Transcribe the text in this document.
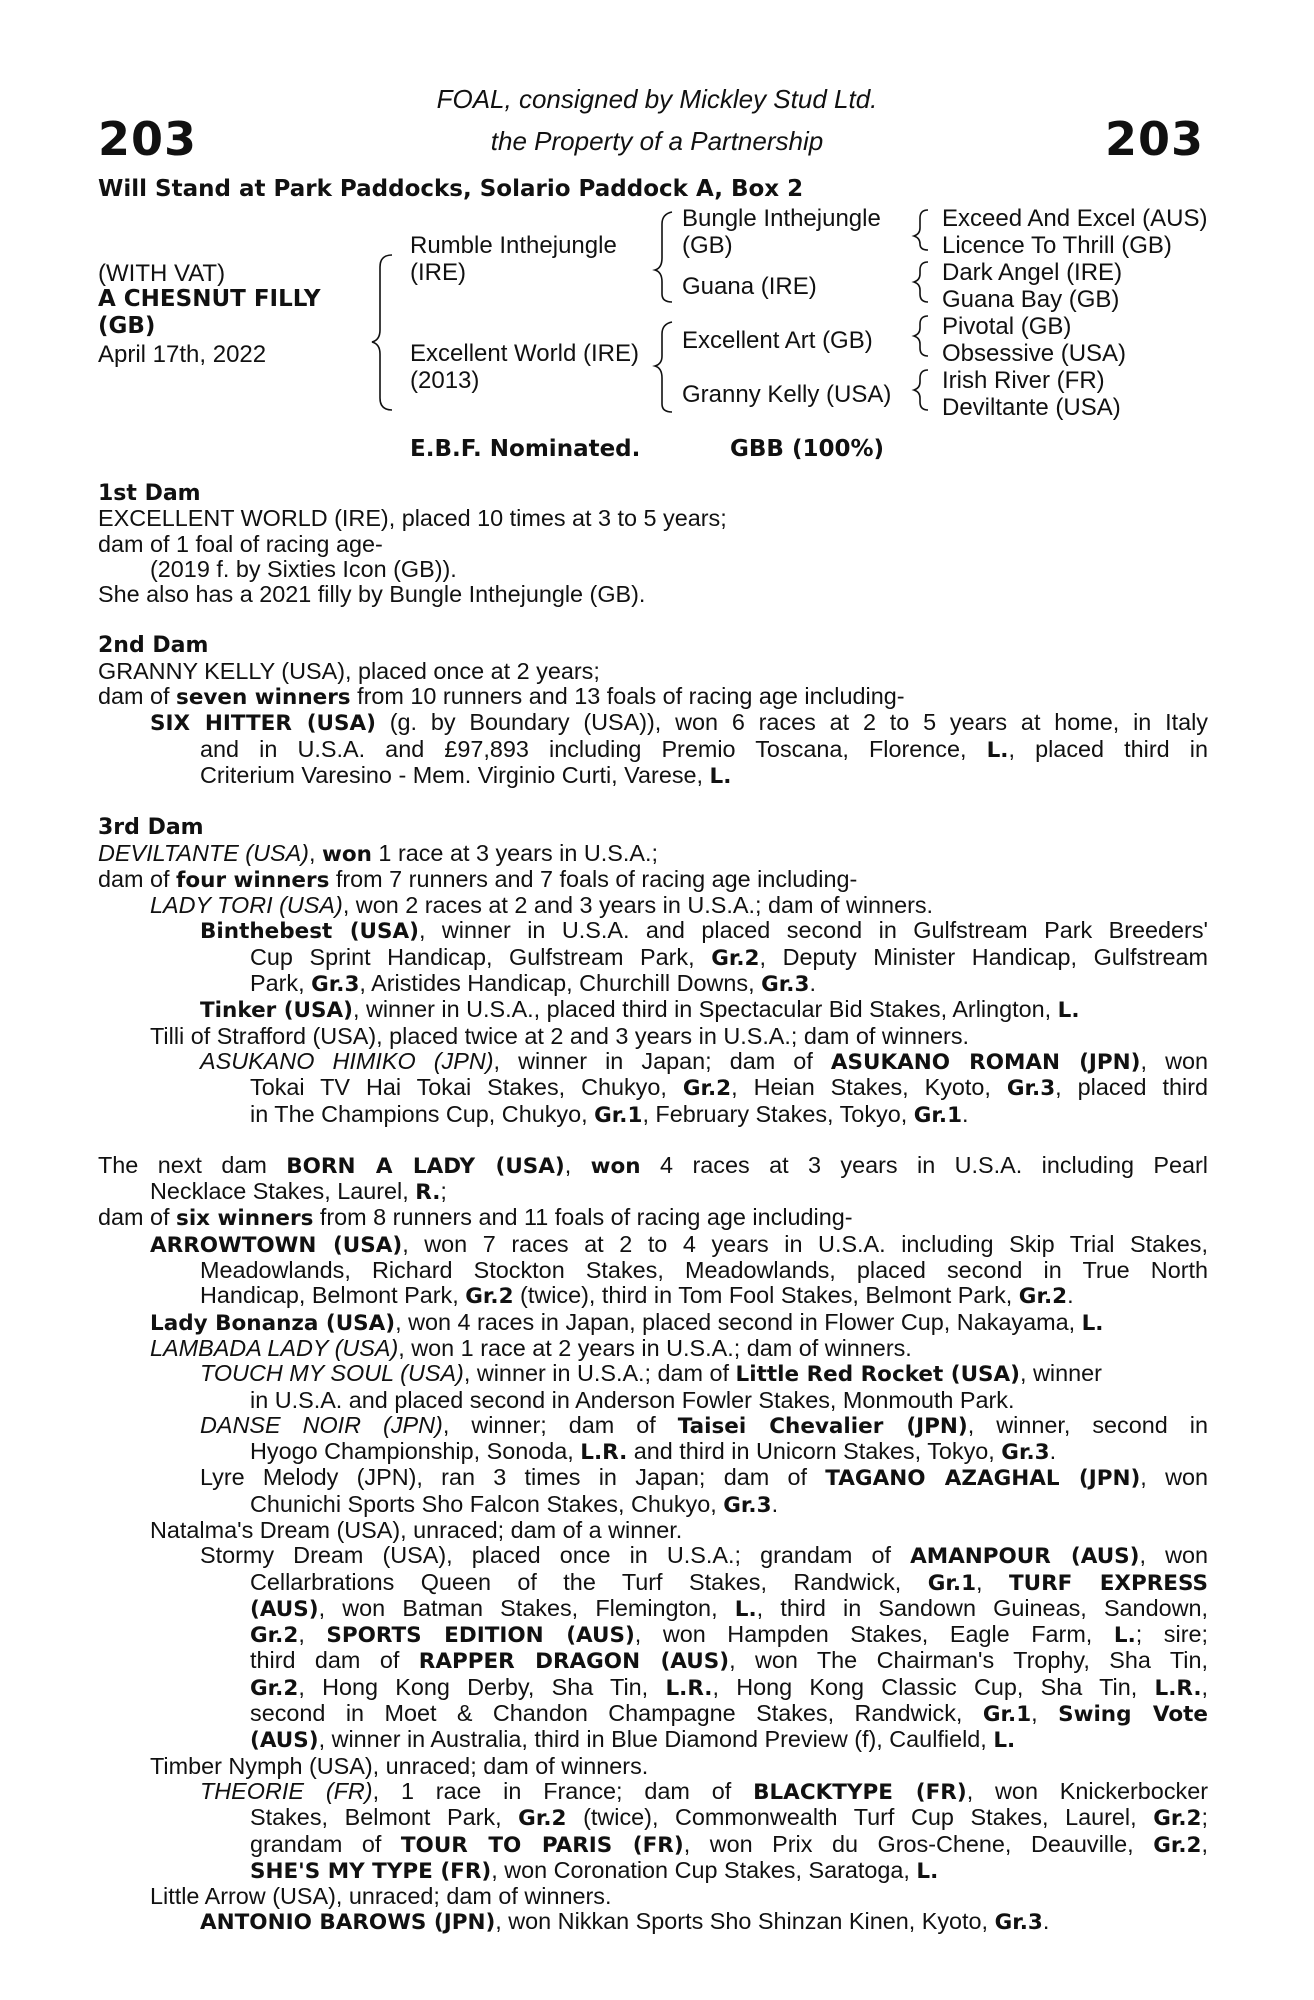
203	203
FOAL, consigned by Mickley Stud Ltd.
the Property of a Partnership
Will Stand at Park Paddocks, Solario Paddock A, Box 2
(WITH VAT)
A CHESNUT FILLY
(GB)
April 17th, 2022
Rumble Inthejungle
(IRE)
Excellent World (IRE)
(2013)
Bungle Inthejungle
(GB)
Guana (IRE)
Excellent Art (GB)
Granny Kelly (USA)
Exceed And Excel (AUS)
Licence To Thrill (GB)
Dark Angel (IRE)
Guana Bay (GB)
Pivotal (GB)
Obsessive (USA)
Irish River (FR)
Deviltante (USA)
E.B.F. Nominated.	GBB (100%)
1st Dam
EXCELLENT WORLD (IRE), placed 10 times at 3 to 5 years;
dam of 1 foal of racing age-
(2019 f. by Sixties Icon (GB)).
She also has a 2021 filly by Bungle Inthejungle (GB).
2nd Dam
GRANNY KELLY (USA), placed once at 2 years;
dam of seven winners from 10 runners and 13 foals of racing age including-
SIX HITTER (USA) (g. by Boundary (USA)), won 6 races at 2 to 5 years at home, in Italy
and in U.S.A. and £97,893 including Premio Toscana, Florence, L., placed third in
Criterium Varesino - Mem. Virginio Curti, Varese, L.
3rd Dam
DEVILTANTE (USA), won 1 race at 3 years in U.S.A.;
dam of four winners from 7 runners and 7 foals of racing age including-
LADY TORI (USA), won 2 races at 2 and 3 years in U.S.A.; dam of winners.
Binthebest (USA), winner in U.S.A. and placed second in Gulfstream Park Breeders'
Cup Sprint Handicap, Gulfstream Park, Gr.2, Deputy Minister Handicap, Gulfstream
Park, Gr.3, Aristides Handicap, Churchill Downs, Gr.3.
Tinker (USA), winner in U.S.A., placed third in Spectacular Bid Stakes, Arlington, L.
Tilli of Strafford (USA), placed twice at 2 and 3 years in U.S.A.; dam of winners.
ASUKANO HIMIKO (JPN), winner in Japan; dam of ASUKANO ROMAN (JPN), won
Tokai TV Hai Tokai Stakes, Chukyo, Gr.2, Heian Stakes, Kyoto, Gr.3, placed third
in The Champions Cup, Chukyo, Gr.1, February Stakes, Tokyo, Gr.1.
The next dam BORN A LADY (USA), won 4 races at 3 years in U.S.A. including Pearl
Necklace Stakes, Laurel, R.;
dam of six winners from 8 runners and 11 foals of racing age including-
ARROWTOWN (USA), won 7 races at 2 to 4 years in U.S.A. including Skip Trial Stakes,
Meadowlands, Richard Stockton Stakes, Meadowlands, placed second in True North
Handicap, Belmont Park, Gr.2 (twice), third in Tom Fool Stakes, Belmont Park, Gr.2.
Lady Bonanza (USA), won 4 races in Japan, placed second in Flower Cup, Nakayama, L.
LAMBADA LADY (USA), won 1 race at 2 years in U.S.A.; dam of winners.
TOUCH MY SOUL (USA), winner in U.S.A.; dam of Little Red Rocket (USA), winner
in U.S.A. and placed second in Anderson Fowler Stakes, Monmouth Park.
DANSE NOIR (JPN), winner; dam of Taisei Chevalier (JPN), winner, second in
Hyogo Championship, Sonoda, L.R. and third in Unicorn Stakes, Tokyo, Gr.3.
Lyre Melody (JPN), ran 3 times in Japan; dam of TAGANO AZAGHAL (JPN), won
Chunichi Sports Sho Falcon Stakes, Chukyo, Gr.3.
Natalma's Dream (USA), unraced; dam of a winner.
Stormy Dream (USA), placed once in U.S.A.; grandam of AMANPOUR (AUS), won
Cellarbrations Queen of the Turf Stakes, Randwick, Gr.1, TURF EXPRESS
(AUS), won Batman Stakes, Flemington, L., third in Sandown Guineas, Sandown,
Gr.2, SPORTS EDITION (AUS), won Hampden Stakes, Eagle Farm, L.; sire;
third dam of RAPPER DRAGON (AUS), won The Chairman's Trophy, Sha Tin,
Gr.2, Hong Kong Derby, Sha Tin, L.R., Hong Kong Classic Cup, Sha Tin, L.R.,
second in Moet & Chandon Champagne Stakes, Randwick, Gr.1, Swing Vote
(AUS), winner in Australia, third in Blue Diamond Preview (f), Caulfield, L.
Timber Nymph (USA), unraced; dam of winners.
THEORIE (FR), 1 race in France; dam of BLACKTYPE (FR), won Knickerbocker
Stakes, Belmont Park, Gr.2 (twice), Commonwealth Turf Cup Stakes, Laurel, Gr.2;
grandam of TOUR TO PARIS (FR), won Prix du Gros-Chene, Deauville, Gr.2,
SHE'S MY TYPE (FR), won Coronation Cup Stakes, Saratoga, L.
Little Arrow (USA), unraced; dam of winners.
ANTONIO BAROWS (JPN), won Nikkan Sports Sho Shinzan Kinen, Kyoto, Gr.3.
